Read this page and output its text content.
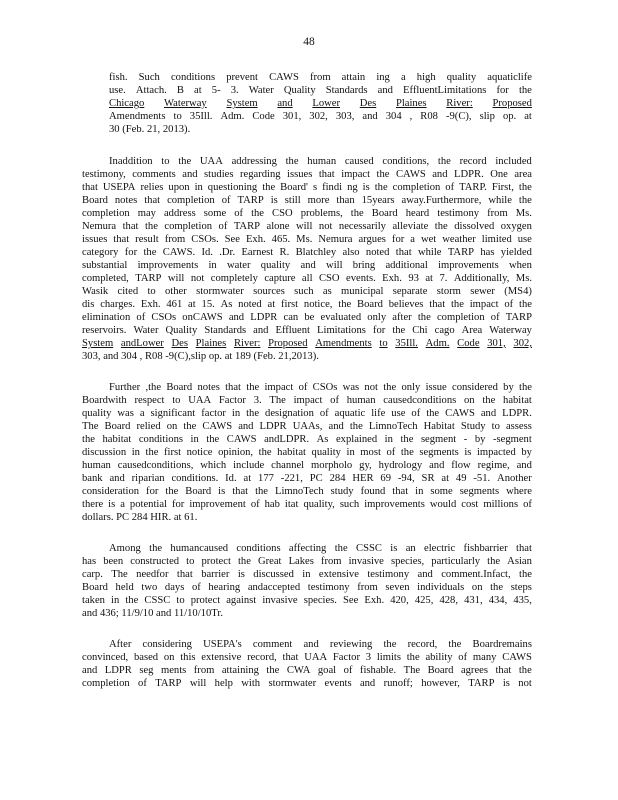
48
fish. Such conditions prevent CAWS from attain ing a high quality aquaticlife
use. Attach. B at 5- 3. Water Quality Standards and EffluentLimitations for the
Chicago Waterway System and Lower Des Plaines River: Proposed
Amendments to 35Ill. Adm. Code 301, 302, 303, and 304 , R08 -9(C), slip op. at
30 (Feb. 21, 2013).
Inaddition to the UAA addressing the human caused conditions, the record included
testimony, comments and studies regarding issues that impact the CAWS and LDPR. One area
that USEPA relies upon in questioning the Board' s findi ng is the completion of TARP. First, the
Board notes that completion of TARP is still more than 15years away.Furthermore, while the
completion may address some of the CSO problems, the Board heard testimony from Ms.
Nemura that the completion of TARP alone will not necessarily alleviate the dissolved oxygen
issues that result from CSOs. See Exh. 465. Ms. Nemura argues for a wet weather limited use
category for the CAWS. Id. .Dr. Earnest R. Blatchley also noted that while TARP has yielded
substantial improvements in water quality and will bring additional improvements when
completed, TARP will not completely capture all CSO events. Exh. 93 at 7. Additionally, Ms.
Wasik cited to other stormwater sources such as municipal separate storm sewer (MS4)
dis charges. Exh. 461 at 15. As noted at first notice, the Board believes that the impact of the
elimination of CSOs onCAWS and LDPR can be evaluated only after the completion of TARP
reservoirs. Water Quality Standards and Effluent Limitations for the Chi cago Area Waterway
System andLower Des Plaines River: Proposed Amendments to 35Ill. Adm. Code 301, 302,
303, and 304 , R08 -9(C),slip op. at 189 (Feb. 21,2013).
Further ,the Board notes that the impact of CSOs was not the only issue considered by the
Boardwith respect to UAA Factor 3. The impact of human causedconditions on the habitat
quality was a significant factor in the designation of aquatic life use of the CAWS and LDPR.
The Board relied on the CAWS and LDPR UAAs, and the LimnoTech Habitat Study to assess
the habitat conditions in the CAWS andLDPR. As explained in the segment - by -segment
discussion in the first notice opinion, the habitat quality in most of the segments is impacted by
human causedconditions, which include channel morpholo gy, hydrology and flow regime, and
bank and riparian conditions. Id. at 177 -221, PC 284 HER 69 -94, SR at 49 -51. Another
consideration for the Board is that the LimnoTech study found that in some segments where
there is a potential for improvement of hab itat quality, such improvements would cost millions of
dollars. PC 284 HIR. at 61.
Among the humancaused conditions affecting the CSSC is an electric fishbarrier that
has been constructed to protect the Great Lakes from invasive species, particularly the Asian
carp. The needfor that barrier is discussed in extensive testimony and comment.Infact, the
Board held two days of hearing andaccepted testimony from seven individuals on the steps
taken in the CSSC to protect against invasive species. See Exh. 420, 425, 428, 431, 434, 435,
and 436; 11/9/10 and 11/10/10Tr.
After considering USEPA's comment and reviewing the record, the Boardremains
convinced, based on this extensive record, that UAA Factor 3 limits the ability of many CAWS
and LDPR seg ments from attaining the CWA goal of fishable. The Board agrees that the
completion of TARP will help with stormwater events and runoff; however, TARP is not
